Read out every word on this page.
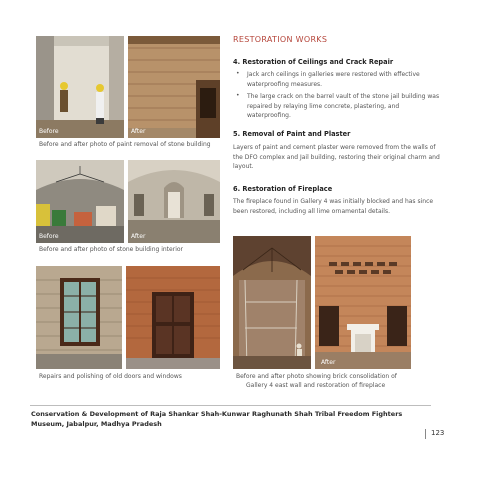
Before	After
Before and after photo of paint removal of stone building
Before	After
Before and after photo of stone building interior
Repairs and polishing of old doors and windows
After
Before and after photo showing brick consolidation of
Gallery 4 east wall and restoration of fireplace
RESTORATION WORKS
4. Restoration of Ceilings and Crack Repair
• Jack arch ceilings in galleries were restored with effective waterproofing measures.
• The large crack on the barrel vault of the stone jail building was repaired by relaying lime concrete, plastering, and waterproofing.
5. Removal of Paint and Plaster
Layers of paint and cement plaster were removed from the walls of the DFO complex and Jail building, restoring their original charm and layout.
6. Restoration of Fireplace
The fireplace found in Gallery 4 was initially blocked and has since been restored, including all lime ornamental details.
Conservation & Development of Raja Shankar Shah-Kunwar Raghunath Shah Tribal Freedom Fighters
Museum, Jabalpur, Madhya Pradesh
123
